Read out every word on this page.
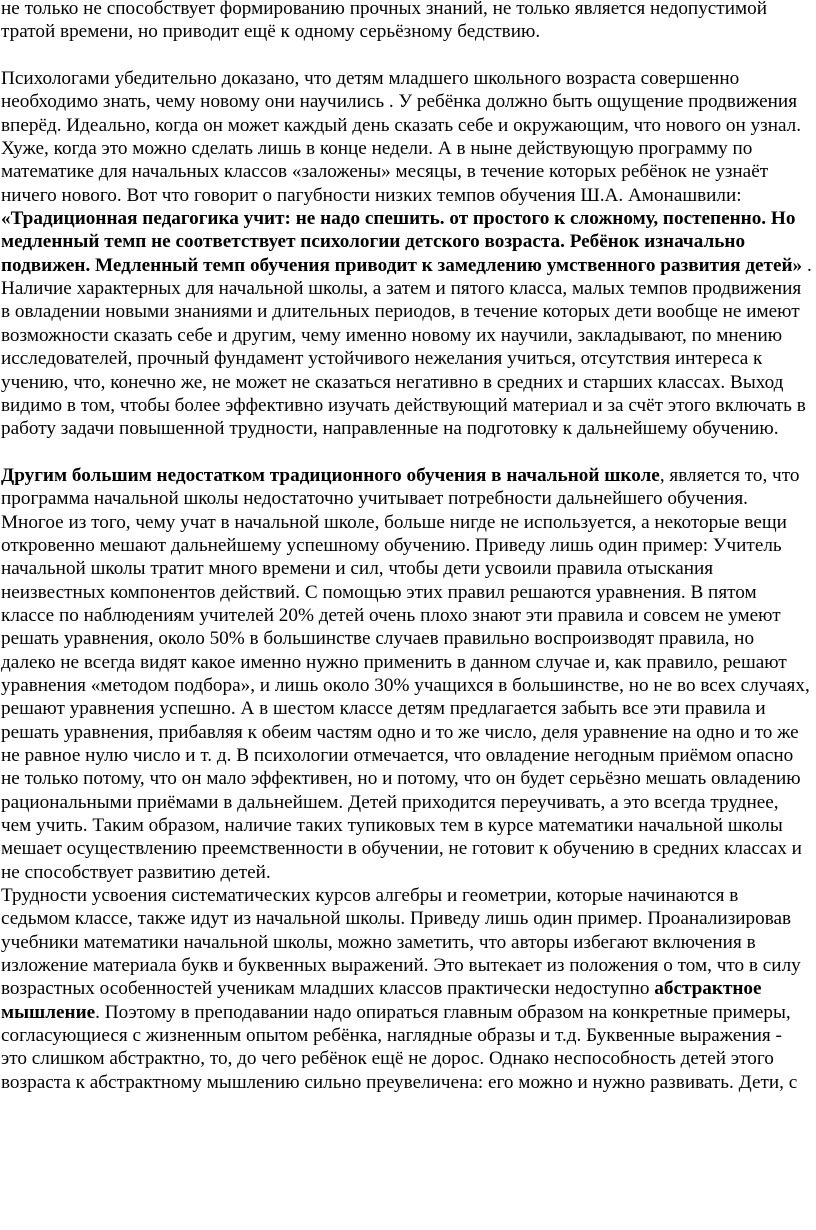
не только не способствует формированию прочных знаний, не только является недопустимой тратой времени, но приводит ещё к одному серьёзному бедствию.

Психологами убедительно доказано, что детям младшего школьного возраста совершенно необходимо знать, чему новому они научились . У ребёнка должно быть ощущение продвижения вперёд. Идеально, когда он может каждый день сказать себе и окружающим, что нового он узнал. Хуже, когда это можно сделать лишь в конце недели. А в ныне действующую программу по математике для начальных классов «заложены» месяцы, в течение которых ребёнок не узнаёт ничего нового. Вот что говорит о пагубности низких темпов обучения Ш.А. Амонашвили: «Традиционная педагогика учит: не надо спешить. от простого к сложному, постепенно. Но медленный темп не соответствует психологии детского возраста. Ребёнок изначально подвижен. Медленный темп обучения приводит к замедлению умственного развития детей» . Наличие характерных для начальной школы, а затем и пятого класса, малых темпов продвижения в овладении новыми знаниями и длительных периодов, в течение которых дети вообще не имеют возможности сказать себе и другим, чему именно новому их научили, закладывают, по мнению исследователей, прочный фундамент устойчивого нежелания учиться, отсутствия интереса к учению, что, конечно же, не может не сказаться негативно в средних и старших классах. Выход видимо в том, чтобы более эффективно изучать действующий материал и за счёт этого включать в работу задачи повышенной трудности, направленные на подготовку к дальнейшему обучению.

Другим большим недостатком традиционного обучения в начальной школе, является то, что программа начальной школы недостаточно учитывает потребности дальнейшего обучения. Многое из того, чему учат в начальной школе, больше нигде не используется, а некоторые вещи откровенно мешают дальнейшему успешному обучению. Приведу лишь один пример: Учитель начальной школы тратит много времени и сил, чтобы дети усвоили правила отыскания неизвестных компонентов действий. С помощью этих правил решаются уравнения. В пятом классе по наблюдениям учителей 20% детей очень плохо знают эти правила и совсем не умеют решать уравнения, около 50% в большинстве случаев правильно воспроизводят правила, но далеко не всегда видят какое именно нужно применить в данном случае и, как правило, решают уравнения «методом подбора», и лишь около 30% учащихся в большинстве, но не во всех случаях, решают уравнения успешно. А в шестом классе детям предлагается забыть все эти правила и решать уравнения, прибавляя к обеим частям одно и то же число, деля уравнение на одно и то же не равное нулю число и т. д. В психологии отмечается, что овладение негодным приёмом опасно не только потому, что он мало эффективен, но и потому, что он будет серьёзно мешать овладению рациональными приёмами в дальнейшем. Детей приходится переучивать, а это всегда труднее, чем учить. Таким образом, наличие таких тупиковых тем в курсе математики начальной школы мешает осуществлению преемственности в обучении, не готовит к обучению в средних классах и не способствует развитию детей.

Трудности усвоения систематических курсов алгебры и геометрии, которые начинаются в седьмом классе, также идут из начальной школы. Приведу лишь один пример. Проанализировав учебники математики начальной школы, можно заметить, что авторы избегают включения в изложение материала букв и буквенных выражений. Это вытекает из положения о том, что в силу возрастных особенностей ученикам младших классов практически недоступно абстрактное мышление. Поэтому в преподавании надо опираться главным образом на конкретные примеры, согласующиеся с жизненным опытом ребёнка, наглядные образы и т.д. Буквенные выражения - это слишком абстрактно, то, до чего ребёнок ещё не дорос. Однако неспособность детей этого возраста к абстрактному мышлению сильно преувеличена: его можно и нужно развивать. Дети, с
